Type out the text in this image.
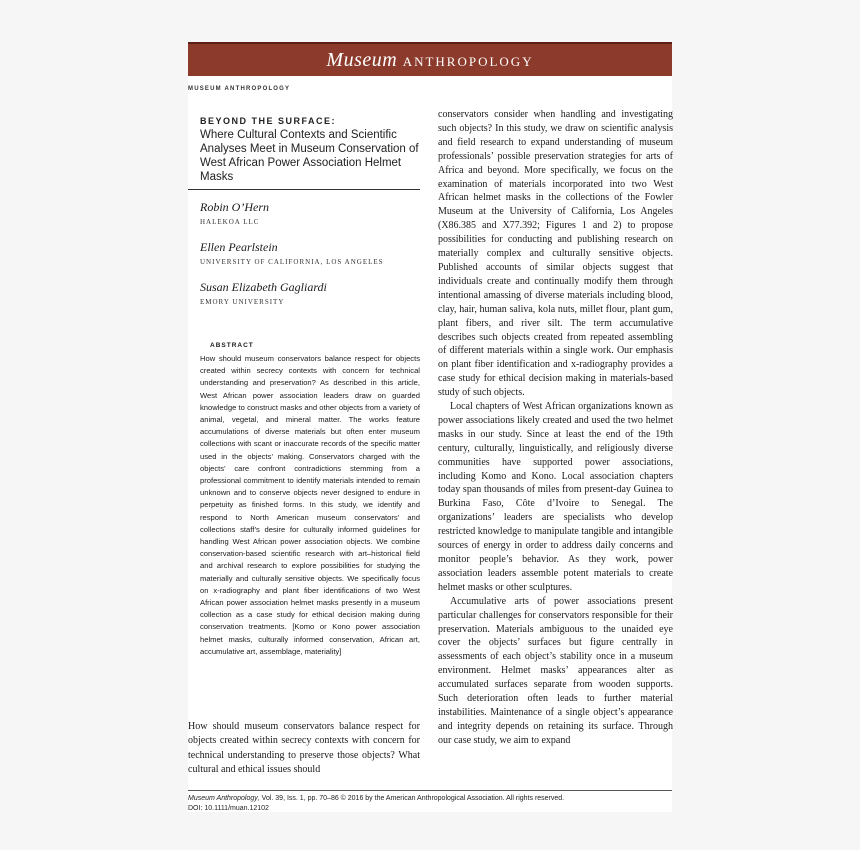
Museum anthropology
MUSEUM ANTHROPOLOGY

BEYOND THE SURFACE:

Where Cultural Contexts and Scientific Analyses Meet in Museum Conservation of West African Power Association Helmet Masks

Robin O’Hern

HALEKOA LLC

Ellen Pearlstein

UNIVERSITY OF CALIFORNIA, LOS ANGELES

Susan Elizabeth Gagliardi

EMORY UNIVERSITY

ABSTRACT

How should museum conservators balance respect for objects created within secrecy contexts with concern for technical understanding and preservation? As described in this article, West African power association leaders draw on guarded knowledge to construct masks and other objects from a variety of animal, vegetal, and mineral matter. The works feature accumulations of diverse materials but often enter museum collections with scant or inaccurate records of the specific matter used in the objects’ making. Conservators charged with the objects’ care confront contradictions stemming from a professional commitment to identify materials intended to remain unknown and to conserve objects never designed to endure in perpetuity as finished forms. In this study, we identify and respond to North American museum conservators’ and collections staff’s desire for culturally informed guidelines for handling West African power association objects. We combine conservation-based scientific research with art–historical field and archival research to explore possibilities for studying the materially and culturally sensitive objects. We specifically focus on x-radiography and plant fiber identifications of two West African power association helmet masks presently in a museum collection as a case study for ethical decision making during conservation treatments. [Komo or Kono power association helmet masks, culturally informed conservation, African art, accumulative art, assemblage, materiality]

How should museum conservators balance respect for objects created within secrecy contexts with concern for technical understanding to preserve those objects? What cultural and ethical issues should

conservators consider when handling and investigating such objects? In this study, we draw on scientific analysis and field research to expand understanding of museum professionals’ possible preservation strategies for arts of Africa and beyond. More specifically, we focus on the examination of materials incorporated into two West African helmet masks in the collections of the Fowler Museum at the University of California, Los Angeles (X86.385 and X77.392; Figures 1 and 2) to propose possibilities for conducting and publishing research on materially complex and culturally sensitive objects. Published accounts of similar objects suggest that individuals create and continually modify them through intentional amassing of diverse materials including blood, clay, hair, human saliva, kola nuts, millet flour, plant gum, plant fibers, and river silt. The term accumulative describes such objects created from repeated assembling of different materials within a single work. Our emphasis on plant fiber identification and x-radiography provides a case study for ethical decision making in materials-based study of such objects.

Local chapters of West African organizations known as power associations likely created and used the two helmet masks in our study. Since at least the end of the 19th century, culturally, linguistically, and religiously diverse communities have supported power associations, including Komo and Kono. Local association chapters today span thousands of miles from present-day Guinea to Burkina Faso, Côte d’Ivoire to Senegal. The organizations’ leaders are specialists who develop restricted knowledge to manipulate tangible and intangible sources of energy in order to address daily concerns and monitor people’s behavior. As they work, power association leaders assemble potent materials to create helmet masks or other sculptures.

Accumulative arts of power associations present particular challenges for conservators responsible for their preservation. Materials ambiguous to the unaided eye cover the objects’ surfaces but figure centrally in assessments of each object’s stability once in a museum environment. Helmet masks’ appearances alter as accumulated surfaces separate from wooden supports. Such deterioration often leads to further material instabilities. Maintenance of a single object’s appearance and integrity depends on retaining its surface. Through our case study, we aim to expand

Museum Anthropology, Vol. 39, Iss. 1, pp. 70–86 © 2016 by the American Anthropological Association. All rights reserved.
DOI: 10.1111/muan.12102
